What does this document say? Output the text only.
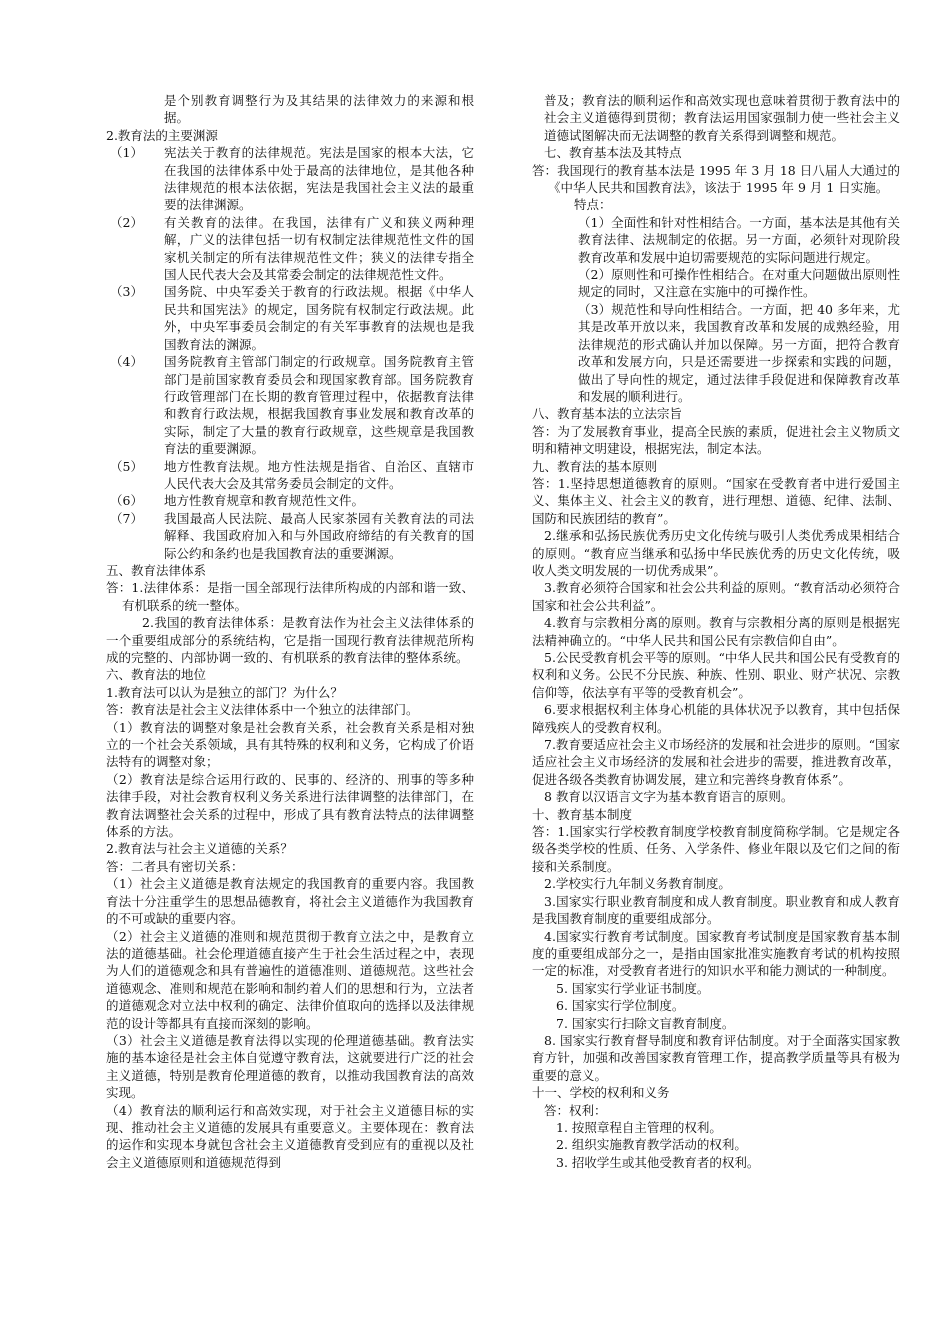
是个别教育调整行为及其结果的法律效力的来源和根据。

2.教育法的主要渊源

（1） 宪法关于教育的法律规范。宪法是国家的根本大法，它在我国的法律体系中处于最高的法律地位，是其他各种法律规范的根本法依据，宪法是我国社会主义法的最重要的法律渊源。
（2） 有关教育的法律。在我国，法律有广义和狭义两种理解，广义的法律包括一切有权制定法律规范性文件的国家机关制定的所有法律规范性文件；狭义的法律专指全国人民代表大会及其常委会制定的法律规范性文件。
（3） 国务院、中央军委关于教育的行政法规。根据《中华人民共和国宪法》的规定，国务院有权制定行政法规。此外，中央军事委员会制定的有关军事教育的法规也是我国教育法的渊源。
（4） 国务院教育主管部门制定的行政规章。国务院教育主管部门是前国家教育委员会和现国家教育部。国务院教育行政管理部门在长期的教育管理过程中，依据教育法律和教育行政法规，根据我国教育事业发展和教育改革的实际，制定了大量的教育行政规章，这些规章是我国教育法的重要渊源。
（5） 地方性教育法规。地方性法规是指省、自治区、直辖市人民代表大会及其常务委员会制定的文件。
（6） 地方性教育规章和教育规范性文件。
（7） 我国最高人民法院、最高人民家茶园有关教育法的司法解释、我国政府加入和与外国政府缔结的有关教育的国际公约和条约也是我国教育法的重要渊源。

五、教育法律体系

答：1.法律体系：是指一国全部现行法律所构成的内部和谐一致、有机联系的统一整体。

2.我国的教育法律体系：是教育法作为社会主义法律体系的一个重要组成部分的系统结构，它是指一国现行教育法律规范所构成的完整的、内部协调一致的、有机联系的教育法律的整体系统。

六、教育法的地位

1.教育法可以认为是独立的部门？为什么？

答：教育法是社会主义法律体系中一个独立的法律部门。

（1）教育法的调整对象是社会教育关系，社会教育关系是相对独立的一个社会关系领域，具有其特殊的权利和义务，它构成了价语法特有的调整对象；

（2）教育法是综合运用行政的、民事的、经济的、刑事的等多种法律手段，对社会教育权利义务关系进行法律调整的法律部门，在教育法调整社会关系的过程中，形成了具有教育法特点的法律调整体系的方法。

2.教育法与社会主义道德的关系？

答：二者具有密切关系：

（1）社会主义道德是教育法规定的我国教育的重要内容。我国教育法十分注重学生的思想品德教育，将社会主义道德作为我国教育的不可或缺的重要内容。

（2）社会主义道德的准则和规范贯彻于教育立法之中，是教育立法的道德基础。社会伦理道德直接产生于社会生活过程之中，表现为人们的道德观念和具有普遍性的道德准则、道德规范。这些社会道德观念、准则和规范在影响和制约着人们的思想和行为，立法者的道德观念对立法中权利的确定、法律价值取向的选择以及法律规范的设计等都具有直接而深刻的影响。

（3）社会主义道德是教育法得以实现的伦理道德基础。教育法实施的基本途径是社会主体自觉遵守教育法，这就要进行广泛的社会主义道德，特别是教育伦理道德的教育，以推动我国教育法的高效实现。

（4）教育法的顺利运行和高效实现，对于社会主义道德目标的实现、推动社会主义道德的发展具有重要意义。主要体现在：教育法的运作和实现本身就包含社会主义道德教育受到应有的重视以及社会主义道德原则和道德规范得到

普及；教育法的顺利运作和高效实现也意味着贯彻于教育法中的社会主义道德得到贯彻；教育法运用国家强制力使一些社会主义道德试图解决而无法调整的教育关系得到调整和规范。

七、教育基本法及其特点

答：我国现行的教育基本法是 1995 年 3 月 18 日八届人大通过的《中华人民共和国教育法》，该法于 1995 年 9 月 1 日实施。

特点：

（1）全面性和针对性相结合。一方面，基本法是其他有关教育法律、法规制定的依据。另一方面，必须针对现阶段教育改革和发展中迫切需要规范的实际问题进行规定。

（2）原则性和可操作性相结合。在对重大问题做出原则性规定的同时，又注意在实施中的可操作性。

（3）规范性和导向性相结合。一方面，把 40 多年来，尤其是改革开放以来，我国教育改革和发展的成熟经验，用法律规范的形式确认并加以保障。另一方面，把符合教育改革和发展方向，只是还需要进一步探索和实践的问题，做出了导向性的规定，通过法律手段促进和保障教育改革和发展的顺利进行。

八、教育基本法的立法宗旨

答：为了发展教育事业，提高全民族的素质，促进社会主义物质文明和精神文明建设，根据宪法，制定本法。

九、教育法的基本原则

答：1.坚持思想道德教育的原则。“国家在受教育者中进行爱国主义、集体主义、社会主义的教育，进行理想、道德、纪律、法制、国防和民族团结的教育”。

2.继承和弘扬民族优秀历史文化传统与吸引人类优秀成果相结合的原则。“教育应当继承和弘扬中华民族优秀的历史文化传统，吸收人类文明发展的一切优秀成果”。

3.教育必须符合国家和社会公共利益的原则。“教育活动必须符合国家和社会公共利益”。

4.教育与宗教相分离的原则。教育与宗教相分离的原则是根据宪法精神确立的。“中华人民共和国公民有宗教信仰自由”。

5.公民受教育机会平等的原则。“中华人民共和国公民有受教育的权利和义务。公民不分民族、种族、性别、职业、财产状况、宗教信仰等，依法享有平等的受教育机会”。

6.要求根据权利主体身心机能的具体状况予以教育，其中包括保障残疾人的受教育权利。

7.教育要适应社会主义市场经济的发展和社会进步的原则。“国家适应社会主义市场经济的发展和社会进步的需要，推进教育改革，促进各级各类教育协调发展，建立和完善终身教育体系”。

8 教育以汉语言文字为基本教育语言的原则。

十、教育基本制度

答：1.国家实行学校教育制度学校教育制度简称学制。它是规定各级各类学校的性质、任务、入学条件、修业年限以及它们之间的衔接和关系制度。

2.学校实行九年制义务教育制度。

3.国家实行职业教育制度和成人教育制度。职业教育和成人教育是我国教育制度的重要组成部分。

4.国家实行教育考试制度。国家教育考试制度是国家教育基本制度的重要组成部分之一，是指由国家批准实施教育考试的机构按照一定的标准，对受教育者进行的知识水平和能力测试的一种制度。

5. 国家实行学业证书制度。

6. 国家实行学位制度。

7. 国家实行扫除文盲教育制度。

8. 国家实行教育督导制度和教育评估制度。对于全面落实国家教育方针，加强和改善国家教育管理工作，提高教学质量等具有极为重要的意义。

十一、学校的权利和义务

答：权利：

1. 按照章程自主管理的权利。

2. 组织实施教育教学活动的权利。

3. 招收学生或其他受教育者的权利。
